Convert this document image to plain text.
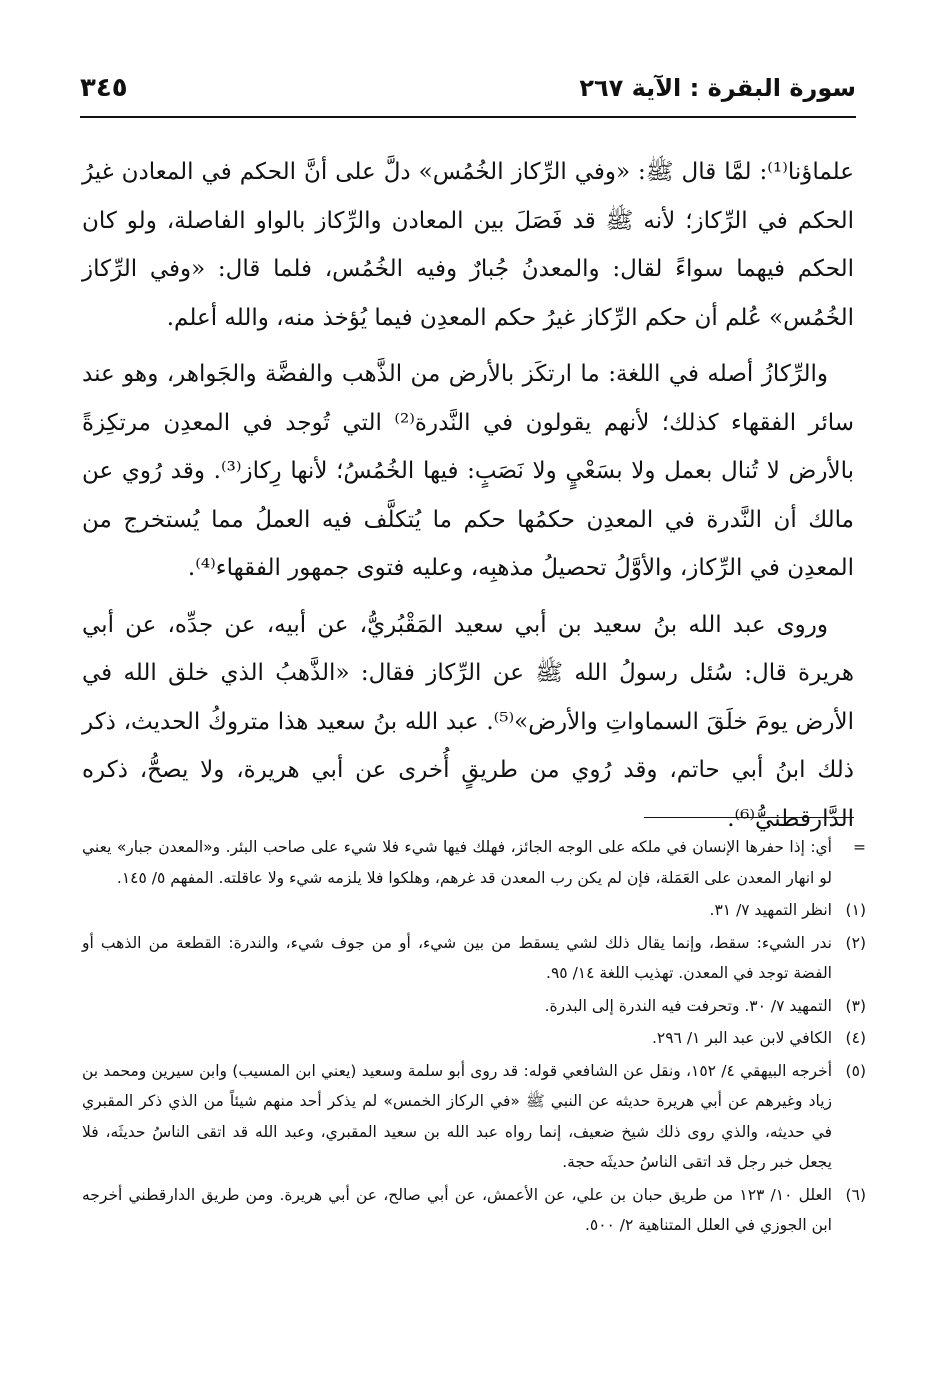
سورة البقرة : الآية ٢٦٧
٣٤٥

علماؤنا⁽¹⁾: لمَّا قال ﷺ: «وفي الرِّكاز الخُمُس» دلَّ على أنَّ الحكم في المعادن غيرُ الحكم في الرِّكاز؛ لأنه ﷺ قد فَصَلَ بين المعادن والرِّكاز بالواو الفاصلة، ولو كان الحكم فيهما سواءً لقال: والمعدنُ جُبارٌ وفيه الخُمُس، فلما قال: «وفي الرِّكاز الخُمُس» عُلم أن حكم الرِّكاز غيرُ حكم المعدِن فيما يُؤخذ منه، والله أعلم.

والرِّكازُ أصله في اللغة: ما ارتكَز بالأرض من الذَّهب والفضَّة والجَواهر، وهو عند سائر الفقهاء كذلك؛ لأنهم يقولون في النَّدرة⁽²⁾ التي تُوجد في المعدِن مرتكِزةً بالأرض لا تُنال بعمل ولا بسَعْيٍ ولا نَصَبٍ: فيها الخُمُسُ؛ لأنها رِكاز⁽³⁾. وقد رُوي عن مالك أن النَّدرة في المعدِن حكمُها حكم ما يُتكلَّف فيه العملُ مما يُستخرج من المعدِن في الرِّكاز، والأوَّلُ تحصيلُ مذهبِه، وعليه فتوى جمهور الفقهاء⁽⁴⁾.

وروى عبد الله بنُ سعيد بن أبي سعيد المَقْبُريُّ، عن أبيه، عن جدِّه، عن أبي هريرة قال: سُئل رسولُ الله ﷺ عن الرِّكاز فقال: «الذَّهبُ الذي خلق الله في الأرض يومَ خلَقَ السماواتِ والأرض»⁽⁵⁾. عبد الله بنُ سعيد هذا متروكُ الحديث، ذكر ذلك ابنُ أبي حاتم، وقد رُوي من طريقٍ أُخرى عن أبي هريرة، ولا يصحُّ، ذكره الدَّارقطنيُّ⁽⁶⁾.

=
أي: إذا حفرها الإنسان في ملكه على الوجه الجائز، فهلك فيها شيء فلا شيء على صاحب البئر. و«المعدن جبار» يعني لو انهار المعدن على العَمَلة، فإن لم يكن رب المعدن قد غرهم، وهلكوا فلا يلزمه شيء ولا عاقلته. المفهم ٥/ ١٤٥.
(١)
انظر التمهيد ٧/ ٣١.
(٢)
ندر الشيء: سقط، وإنما يقال ذلك لشي يسقط من بين شيء، أو من جوف شيء، والندرة: القطعة من الذهب أو الفضة توجد في المعدن. تهذيب اللغة ١٤/ ٩٥.
(٣)
التمهيد ٧/ ٣٠. وتحرفت فيه الندرة إلى البدرة.
(٤)
الكافي لابن عبد البر ١/ ٢٩٦.
(٥)
أخرجه البيهقي ٤/ ١٥٢، ونقل عن الشافعي قوله: قد روى أبو سلمة وسعيد (يعني ابن المسيب) وابن سيرين ومحمد بن زياد وغيرهم عن أبي هريرة حديثه عن النبي ﷺ «في الركاز الخمس» لم يذكر أحد منهم شيئاً من الذي ذكر المقبري في حديثه، والذي روى ذلك شيخ ضعيف، إنما رواه عبد الله بن سعيد المقبري، وعبد الله قد اتقى الناسُ حديثَه، فلا يجعل خبر رجل قد اتقى الناسُ حديثَه حجة.
(٦)
العلل ١٠/ ١٢٣ من طريق حبان بن علي، عن الأعمش، عن أبي صالح، عن أبي هريرة. ومن طريق الدارقطني أخرجه ابن الجوزي في العلل المتناهية ٢/ ٥٠٠.
